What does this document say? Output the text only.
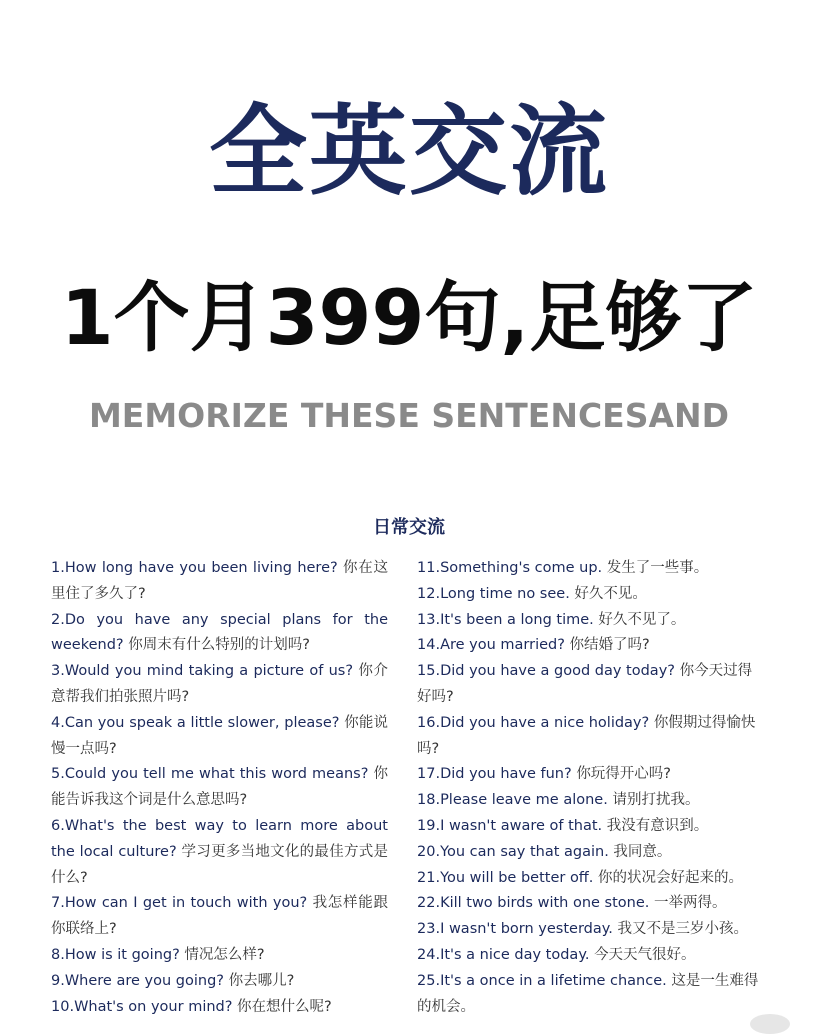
全英交流
1个月399句,足够了
MEMORIZE THESE SENTENCESAND
日常交流

1.How long have you been living here? 你在这里住了多久了?

2.Do you have any special plans for the weekend? 你周末有什么特别的计划吗?

3.Would you mind taking a picture of us? 你介意帮我们拍张照片吗?

4.Can you speak a little slower, please? 你能说慢一点吗?

5.Could you tell me what this word means? 你能告诉我这个词是什么意思吗?

6.What's the best way to learn more about the local culture? 学习更多当地文化的最佳方式是什么?

7.How can I get in touch with you? 我怎样能跟你联络上?

8.How is it going? 情况怎么样?

9.Where are you going? 你去哪儿?

10.What's on your mind? 你在想什么呢?

11.Something's come up. 发生了一些事。

12.Long time no see. 好久不见。

13.It's been a long time. 好久不见了。

14.Are you married? 你结婚了吗?

15.Did you have a good day today? 你今天过得好吗?

16.Did you have a nice holiday? 你假期过得愉快吗?

17.Did you have fun? 你玩得开心吗?

18.Please leave me alone. 请别打扰我。

19.I wasn't aware of that. 我没有意识到。

20.You can say that again. 我同意。

21.You will be better off. 你的状况会好起来的。

22.Kill two birds with one stone. 一举两得。

23.I wasn't born yesterday. 我又不是三岁小孩。

24.It's a nice day today. 今天天气很好。

25.It's a once in a lifetime chance. 这是一生难得的机会。
